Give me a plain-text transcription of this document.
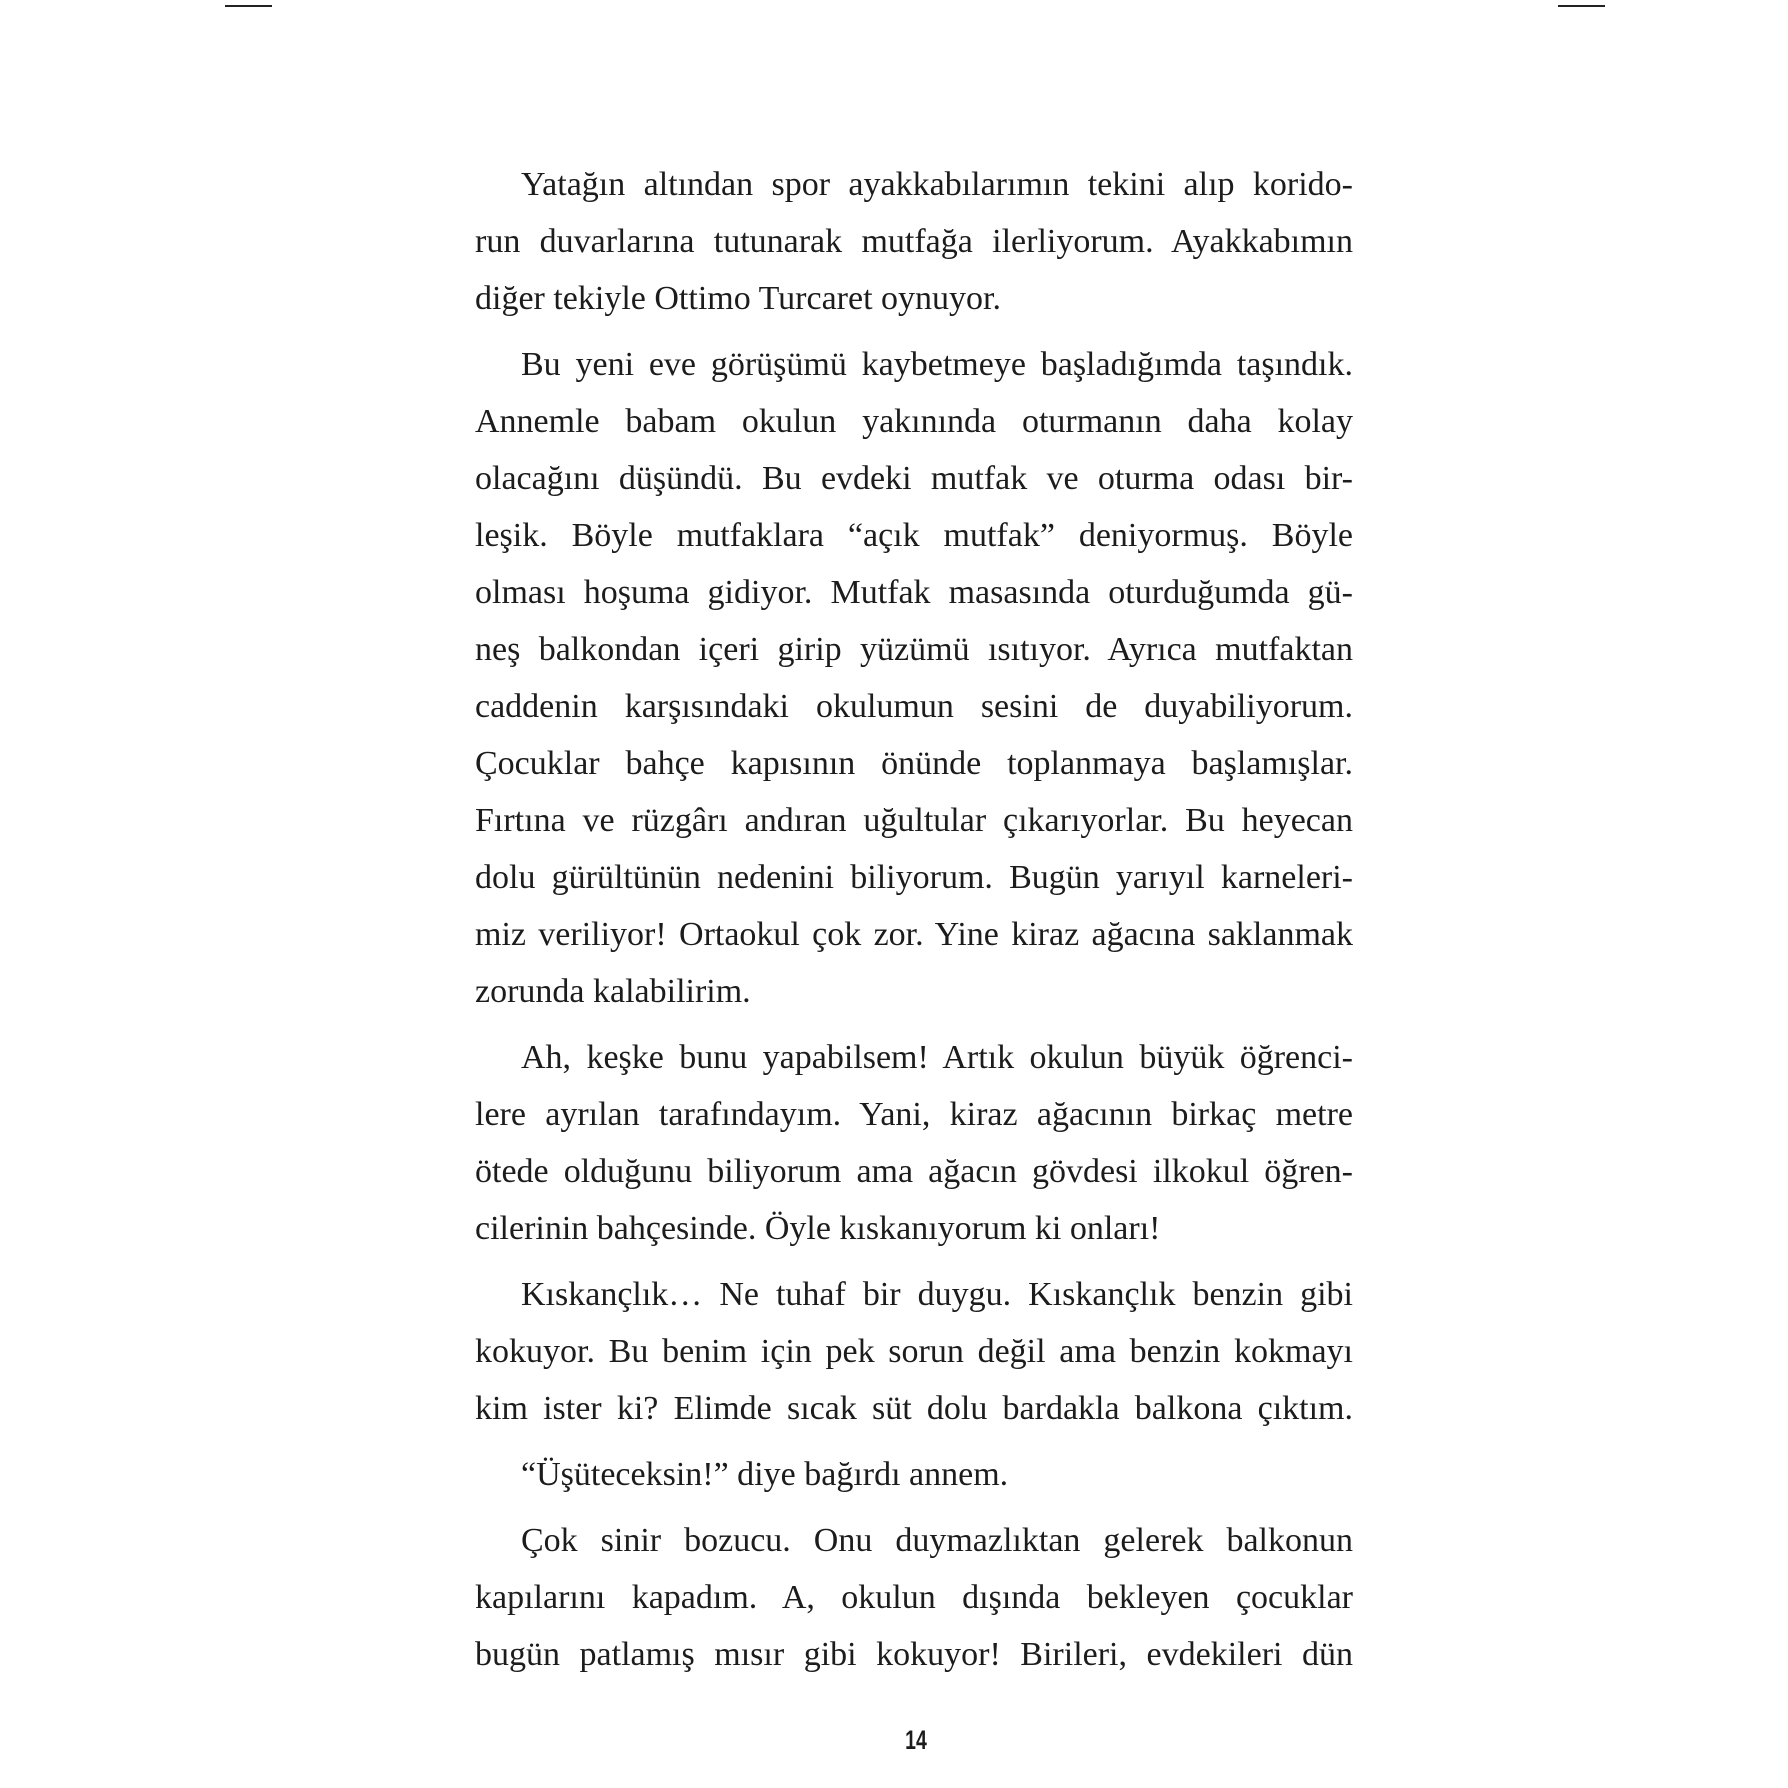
Yatağın altından spor ayakkabılarımın tekini alıp korido-
run duvarlarına tutunarak mutfağa ilerliyorum. Ayakkabımın
diğer tekiyle Ottimo Turcaret oynuyor.
Bu yeni eve görüşümü kaybetmeye başladığımda taşındık.
Annemle babam okulun yakınında oturmanın daha kolay
olacağını düşündü. Bu evdeki mutfak ve oturma odası bir-
leşik. Böyle mutfaklara “açık mutfak” deniyormuş. Böyle
olması hoşuma gidiyor. Mutfak masasında oturduğumda gü-
neş balkondan içeri girip yüzümü ısıtıyor. Ayrıca mutfaktan
caddenin karşısındaki okulumun sesini de duyabiliyorum.
Çocuklar bahçe kapısının önünde toplanmaya başlamışlar.
Fırtına ve rüzgârı andıran uğultular çıkarıyorlar. Bu heyecan
dolu gürültünün nedenini biliyorum. Bugün yarıyıl karneleri-
miz veriliyor! Ortaokul çok zor. Yine kiraz ağacına saklanmak
zorunda kalabilirim.
Ah, keşke bunu yapabilsem! Artık okulun büyük öğrenci-
lere ayrılan tarafındayım. Yani, kiraz ağacının birkaç metre
ötede olduğunu biliyorum ama ağacın gövdesi ilkokul öğren-
cilerinin bahçesinde. Öyle kıskanıyorum ki onları!
Kıskançlık… Ne tuhaf bir duygu. Kıskançlık benzin gibi
kokuyor. Bu benim için pek sorun değil ama benzin kokmayı
kim ister ki? Elimde sıcak süt dolu bardakla balkona çıktım.
“Üşüteceksin!” diye bağırdı annem.
Çok sinir bozucu. Onu duymazlıktan gelerek balkonun
kapılarını kapadım. A, okulun dışında bekleyen çocuklar
bugün patlamış mısır gibi kokuyor! Birileri, evdekileri dün
14
